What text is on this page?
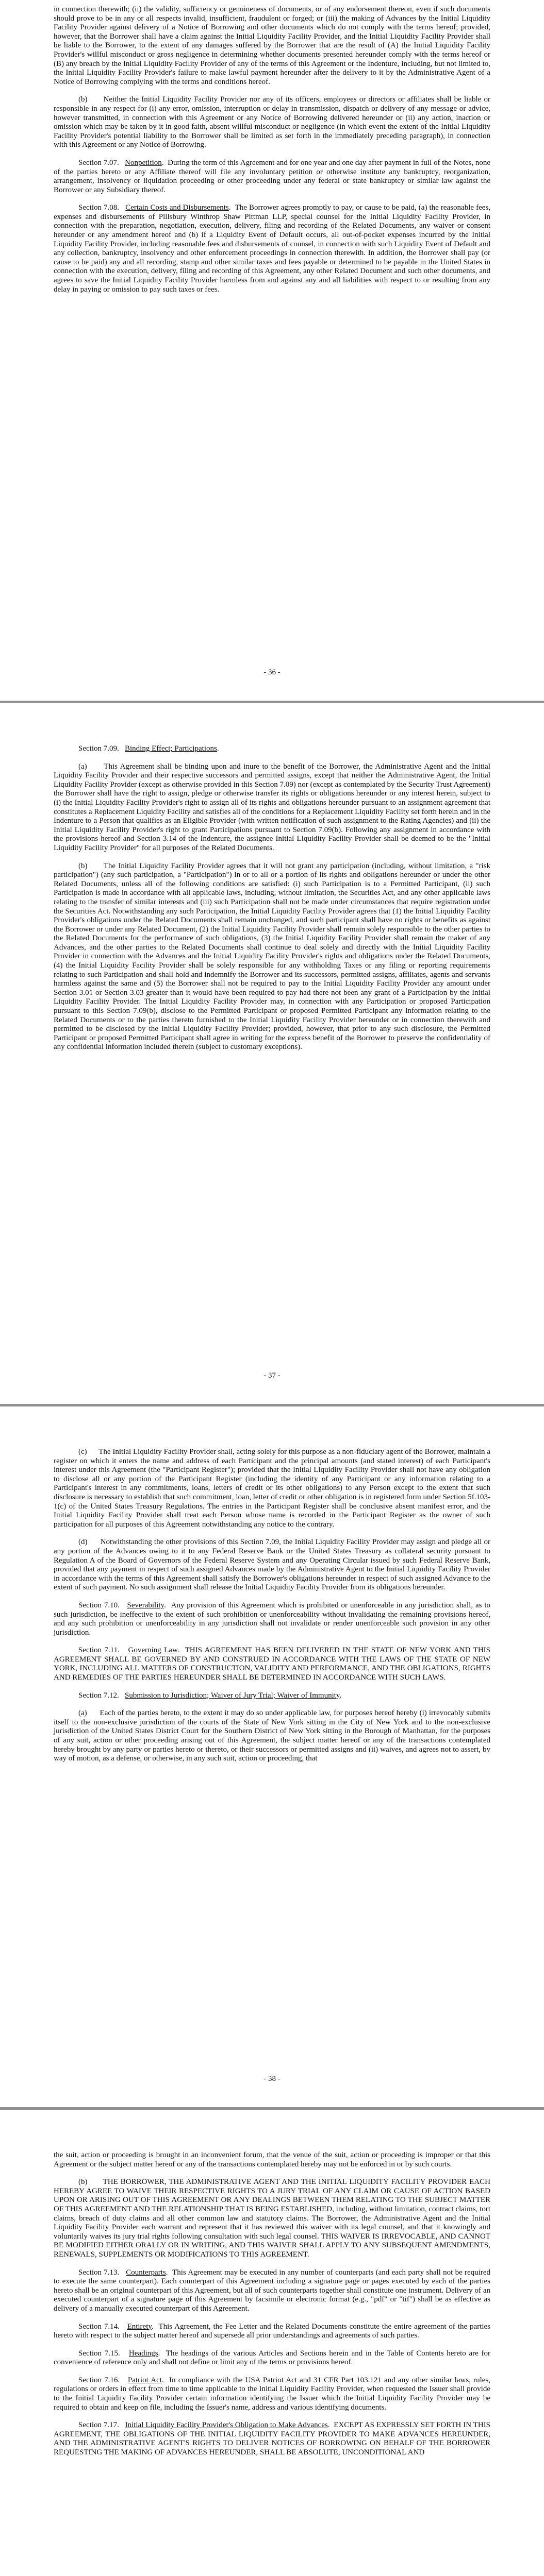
in connection therewith; (ii) the validity, sufficiency or genuineness of documents, or of any endorsement thereon, even if such documents should prove to be in any or all respects invalid, insufficient, fraudulent or forged; or (iii) the making of Advances by the Initial Liquidity Facility Provider against delivery of a Notice of Borrowing and other documents which do not comply with the terms hereof; provided, however, that the Borrower shall have a claim against the Initial Liquidity Facility Provider, and the Initial Liquidity Facility Provider shall be liable to the Borrower, to the extent of any damages suffered by the Borrower that are the result of (A) the Initial Liquidity Facility Provider's willful misconduct or gross negligence in determining whether documents presented hereunder comply with the terms hereof or (B) any breach by the Initial Liquidity Facility Provider of any of the terms of this Agreement or the Indenture, including, but not limited to, the Initial Liquidity Facility Provider's failure to make lawful payment hereunder after the delivery to it by the Administrative Agent of a Notice of Borrowing complying with the terms and conditions hereof.

(b) Neither the Initial Liquidity Facility Provider nor any of its officers, employees or directors or affiliates shall be liable or responsible in any respect for (i) any error, omission, interruption or delay in transmission, dispatch or delivery of any message or advice, however transmitted, in connection with this Agreement or any Notice of Borrowing delivered hereunder or (ii) any action, inaction or omission which may be taken by it in good faith, absent willful misconduct or negligence (in which event the extent of the Initial Liquidity Facility Provider's potential liability to the Borrower shall be limited as set forth in the immediately preceding paragraph), in connection with this Agreement or any Notice of Borrowing.

Section 7.07. Nonpetition.  During the term of this Agreement and for one year and one day after payment in full of the Notes, none of the parties hereto or any Affiliate thereof will file any involuntary petition or otherwise institute any bankruptcy, reorganization, arrangement, insolvency or liquidation proceeding or other proceeding under any federal or state bankruptcy or similar law against the Borrower or any Subsidiary thereof.

Section 7.08. Certain Costs and Disbursements.  The Borrower agrees promptly to pay, or cause to be paid, (a) the reasonable fees, expenses and disbursements of Pillsbury Winthrop Shaw Pittman LLP, special counsel for the Initial Liquidity Facility Provider, in connection with the preparation, negotiation, execution, delivery, filing and recording of the Related Documents, any waiver or consent hereunder or any amendment hereof and (b) if a Liquidity Event of Default occurs, all out-of-pocket expenses incurred by the Initial Liquidity Facility Provider, including reasonable fees and disbursements of counsel, in connection with such Liquidity Event of Default and any collection, bankruptcy, insolvency and other enforcement proceedings in connection therewith. In addition, the Borrower shall pay (or cause to be paid) any and all recording, stamp and other similar taxes and fees payable or determined to be payable in the United States in connection with the execution, delivery, filing and recording of this Agreement, any other Related Document and such other documents, and agrees to save the Initial Liquidity Facility Provider harmless from and against any and all liabilities with respect to or resulting from any delay in paying or omission to pay such taxes or fees.

- 36 -

Section 7.09. Binding Effect; Participations.

(a) This Agreement shall be binding upon and inure to the benefit of the Borrower, the Administrative Agent and the Initial Liquidity Facility Provider and their respective successors and permitted assigns, except that neither the Administrative Agent, the Initial Liquidity Facility Provider (except as otherwise provided in this Section 7.09) nor (except as contemplated by the Security Trust Agreement) the Borrower shall have the right to assign, pledge or otherwise transfer its rights or obligations hereunder or any interest herein, subject to (i) the Initial Liquidity Facility Provider's right to assign all of its rights and obligations hereunder pursuant to an assignment agreement that constitutes a Replacement Liquidity Facility and satisfies all of the conditions for a Replacement Liquidity Facility set forth herein and in the Indenture to a Person that qualifies as an Eligible Provider (with written notification of such assignment to the Rating Agencies) and (ii) the Initial Liquidity Facility Provider's right to grant Participations pursuant to Section 7.09(b). Following any assignment in accordance with the provisions hereof and Section 3.14 of the Indenture, the assignee Initial Liquidity Facility Provider shall be deemed to be the "Initial Liquidity Facility Provider" for all purposes of the Related Documents.

(b) The Initial Liquidity Facility Provider agrees that it will not grant any participation (including, without limitation, a "risk participation") (any such participation, a "Participation") in or to all or a portion of its rights and obligations hereunder or under the other Related Documents, unless all of the following conditions are satisfied: (i) such Participation is to a Permitted Participant, (ii) such Participation is made in accordance with all applicable laws, including, without limitation, the Securities Act, and any other applicable laws relating to the transfer of similar interests and (iii) such Participation shall not be made under circumstances that require registration under the Securities Act. Notwithstanding any such Participation, the Initial Liquidity Facility Provider agrees that (1) the Initial Liquidity Facility Provider's obligations under the Related Documents shall remain unchanged, and such participant shall have no rights or benefits as against the Borrower or under any Related Document, (2) the Initial Liquidity Facility Provider shall remain solely responsible to the other parties to the Related Documents for the performance of such obligations, (3) the Initial Liquidity Facility Provider shall remain the maker of any Advances, and the other parties to the Related Documents shall continue to deal solely and directly with the Initial Liquidity Facility Provider in connection with the Advances and the Initial Liquidity Facility Provider's rights and obligations under the Related Documents, (4) the Initial Liquidity Facility Provider shall be solely responsible for any withholding Taxes or any filing or reporting requirements relating to such Participation and shall hold and indemnify the Borrower and its successors, permitted assigns, affiliates, agents and servants harmless against the same and (5) the Borrower shall not be required to pay to the Initial Liquidity Facility Provider any amount under Section 3.01 or Section 3.03 greater than it would have been required to pay had there not been any grant of a Participation by the Initial Liquidity Facility Provider. The Initial Liquidity Facility Provider may, in connection with any Participation or proposed Participation pursuant to this Section 7.09(b), disclose to the Permitted Participant or proposed Permitted Participant any information relating to the Related Documents or to the parties thereto furnished to the Initial Liquidity Facility Provider hereunder or in connection therewith and permitted to be disclosed by the Initial Liquidity Facility Provider; provided, however, that prior to any such disclosure, the Permitted Participant or proposed Permitted Participant shall agree in writing for the express benefit of the Borrower to preserve the confidentiality of any confidential information included therein (subject to customary exceptions).

- 37 -

(c) The Initial Liquidity Facility Provider shall, acting solely for this purpose as a non-fiduciary agent of the Borrower, maintain a register on which it enters the name and address of each Participant and the principal amounts (and stated interest) of each Participant's interest under this Agreement (the "Participant Register"); provided that the Initial Liquidity Facility Provider shall not have any obligation to disclose all or any portion of the Participant Register (including the identity of any Participant or any information relating to a Participant's interest in any commitments, loans, letters of credit or its other obligations) to any Person except to the extent that such disclosure is necessary to establish that such commitment, loan, letter of credit or other obligation is in registered form under Section 5f.103-1(c) of the United States Treasury Regulations. The entries in the Participant Register shall be conclusive absent manifest error, and the Initial Liquidity Facility Provider shall treat each Person whose name is recorded in the Participant Register as the owner of such participation for all purposes of this Agreement notwithstanding any notice to the contrary.

(d) Notwithstanding the other provisions of this Section 7.09, the Initial Liquidity Facility Provider may assign and pledge all or any portion of the Advances owing to it to any Federal Reserve Bank or the United States Treasury as collateral security pursuant to Regulation A of the Board of Governors of the Federal Reserve System and any Operating Circular issued by such Federal Reserve Bank, provided that any payment in respect of such assigned Advances made by the Administrative Agent to the Initial Liquidity Facility Provider in accordance with the terms of this Agreement shall satisfy the Borrower's obligations hereunder in respect of such assigned Advance to the extent of such payment. No such assignment shall release the Initial Liquidity Facility Provider from its obligations hereunder.

Section 7.10. Severability.  Any provision of this Agreement which is prohibited or unenforceable in any jurisdiction shall, as to such jurisdiction, be ineffective to the extent of such prohibition or unenforceability without invalidating the remaining provisions hereof, and any such prohibition or unenforceability in any jurisdiction shall not invalidate or render unenforceable such provision in any other jurisdiction.

Section 7.11. Governing Law.  THIS AGREEMENT HAS BEEN DELIVERED IN THE STATE OF NEW YORK AND THIS AGREEMENT SHALL BE GOVERNED BY AND CONSTRUED IN ACCORDANCE WITH THE LAWS OF THE STATE OF NEW YORK, INCLUDING ALL MATTERS OF CONSTRUCTION, VALIDITY AND PERFORMANCE, AND THE OBLIGATIONS, RIGHTS AND REMEDIES OF THE PARTIES HEREUNDER SHALL BE DETERMINED IN ACCORDANCE WITH SUCH LAWS.

Section 7.12. Submission to Jurisdiction; Waiver of Jury Trial; Waiver of Immunity.

(a) Each of the parties hereto, to the extent it may do so under applicable law, for purposes hereof hereby (i) irrevocably submits itself to the non-exclusive jurisdiction of the courts of the State of New York sitting in the City of New York and to the non-exclusive jurisdiction of the United States District Court for the Southern District of New York sitting in the Borough of Manhattan, for the purposes of any suit, action or other proceeding arising out of this Agreement, the subject matter hereof or any of the transactions contemplated hereby brought by any party or parties hereto or thereto, or their successors or permitted assigns and (ii) waives, and agrees not to assert, by way of motion, as a defense, or otherwise, in any such suit, action or proceeding, that

- 38 -

the suit, action or proceeding is brought in an inconvenient forum, that the venue of the suit, action or proceeding is improper or that this Agreement or the subject matter hereof or any of the transactions contemplated hereby may not be enforced in or by such courts.

(b) THE BORROWER, THE ADMINISTRATIVE AGENT AND THE INITIAL LIQUIDITY FACILITY PROVIDER EACH HEREBY AGREE TO WAIVE THEIR RESPECTIVE RIGHTS TO A JURY TRIAL OF ANY CLAIM OR CAUSE OF ACTION BASED UPON OR ARISING OUT OF THIS AGREEMENT OR ANY DEALINGS BETWEEN THEM RELATING TO THE SUBJECT MATTER OF THIS AGREEMENT AND THE RELATIONSHIP THAT IS BEING ESTABLISHED, including, without limitation, contract claims, tort claims, breach of duty claims and all other common law and statutory claims. The Borrower, the Administrative Agent and the Initial Liquidity Facility Provider each warrant and represent that it has reviewed this waiver with its legal counsel, and that it knowingly and voluntarily waives its jury trial rights following consultation with such legal counsel. THIS WAIVER IS IRREVOCABLE, AND CANNOT BE MODIFIED EITHER ORALLY OR IN WRITING, AND THIS WAIVER SHALL APPLY TO ANY SUBSEQUENT AMENDMENTS, RENEWALS, SUPPLEMENTS OR MODIFICATIONS TO THIS AGREEMENT.

Section 7.13. Counterparts.  This Agreement may be executed in any number of counterparts (and each party shall not be required to execute the same counterpart). Each counterpart of this Agreement including a signature page or pages executed by each of the parties hereto shall be an original counterpart of this Agreement, but all of such counterparts together shall constitute one instrument. Delivery of an executed counterpart of a signature page of this Agreement by facsimile or electronic format (e.g., "pdf" or "tif") shall be as effective as delivery of a manually executed counterpart of this Agreement.

Section 7.14. Entirety.  This Agreement, the Fee Letter and the Related Documents constitute the entire agreement of the parties hereto with respect to the subject matter hereof and supersede all prior understandings and agreements of such parties.

Section 7.15. Headings.  The headings of the various Articles and Sections herein and in the Table of Contents hereto are for convenience of reference only and shall not define or limit any of the terms or provisions hereof.

Section 7.16. Patriot Act.  In compliance with the USA Patriot Act and 31 CFR Part 103.121 and any other similar laws, rules, regulations or orders in effect from time to time applicable to the Initial Liquidity Facility Provider, when requested the Issuer shall provide to the Initial Liquidity Facility Provider certain information identifying the Issuer which the Initial Liquidity Facility Provider may be required to obtain and keep on file, including the Issuer's name, address and various identifying documents.

Section 7.17. Initial Liquidity Facility Provider's Obligation to Make Advances.  EXCEPT AS EXPRESSLY SET FORTH IN THIS AGREEMENT, THE OBLIGATIONS OF THE INITIAL LIQUIDITY FACILITY PROVIDER TO MAKE ADVANCES HEREUNDER, AND THE ADMINISTRATIVE AGENT'S RIGHTS TO DELIVER NOTICES OF BORROWING ON BEHALF OF THE BORROWER REQUESTING THE MAKING OF ADVANCES HEREUNDER, SHALL BE ABSOLUTE, UNCONDITIONAL AND
